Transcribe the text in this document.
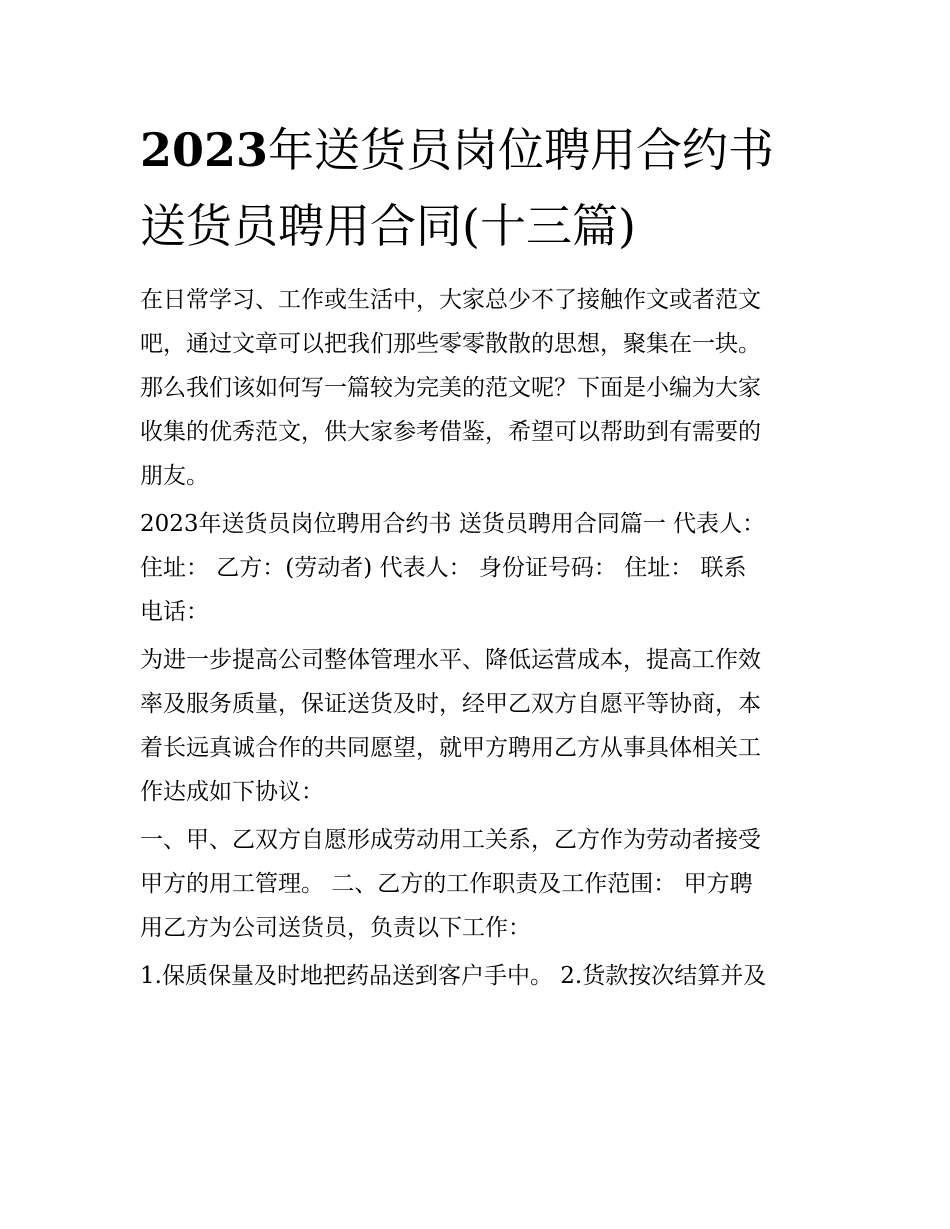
2023年送货员岗位聘用合约书
送货员聘用合同(十三篇)
在日常学习、工作或生活中，大家总少不了接触作文或者范文
吧，通过文章可以把我们那些零零散散的思想，聚集在一块。
那么我们该如何写一篇较为完美的范文呢？下面是小编为大家
收集的优秀范文，供大家参考借鉴，希望可以帮助到有需要的
朋友。
2023年送货员岗位聘用合约书 送货员聘用合同篇一 代表人：
住址： 乙方：(劳动者) 代表人： 身份证号码： 住址： 联系
电话：
为进一步提高公司整体管理水平、降低运营成本，提高工作效
率及服务质量，保证送货及时，经甲乙双方自愿平等协商，本
着长远真诚合作的共同愿望，就甲方聘用乙方从事具体相关工
作达成如下协议：
一、甲、乙双方自愿形成劳动用工关系，乙方作为劳动者接受
甲方的用工管理。 二、乙方的工作职责及工作范围： 甲方聘
用乙方为公司送货员，负责以下工作：
1.保质保量及时地把药品送到客户手中。 2.货款按次结算并及
